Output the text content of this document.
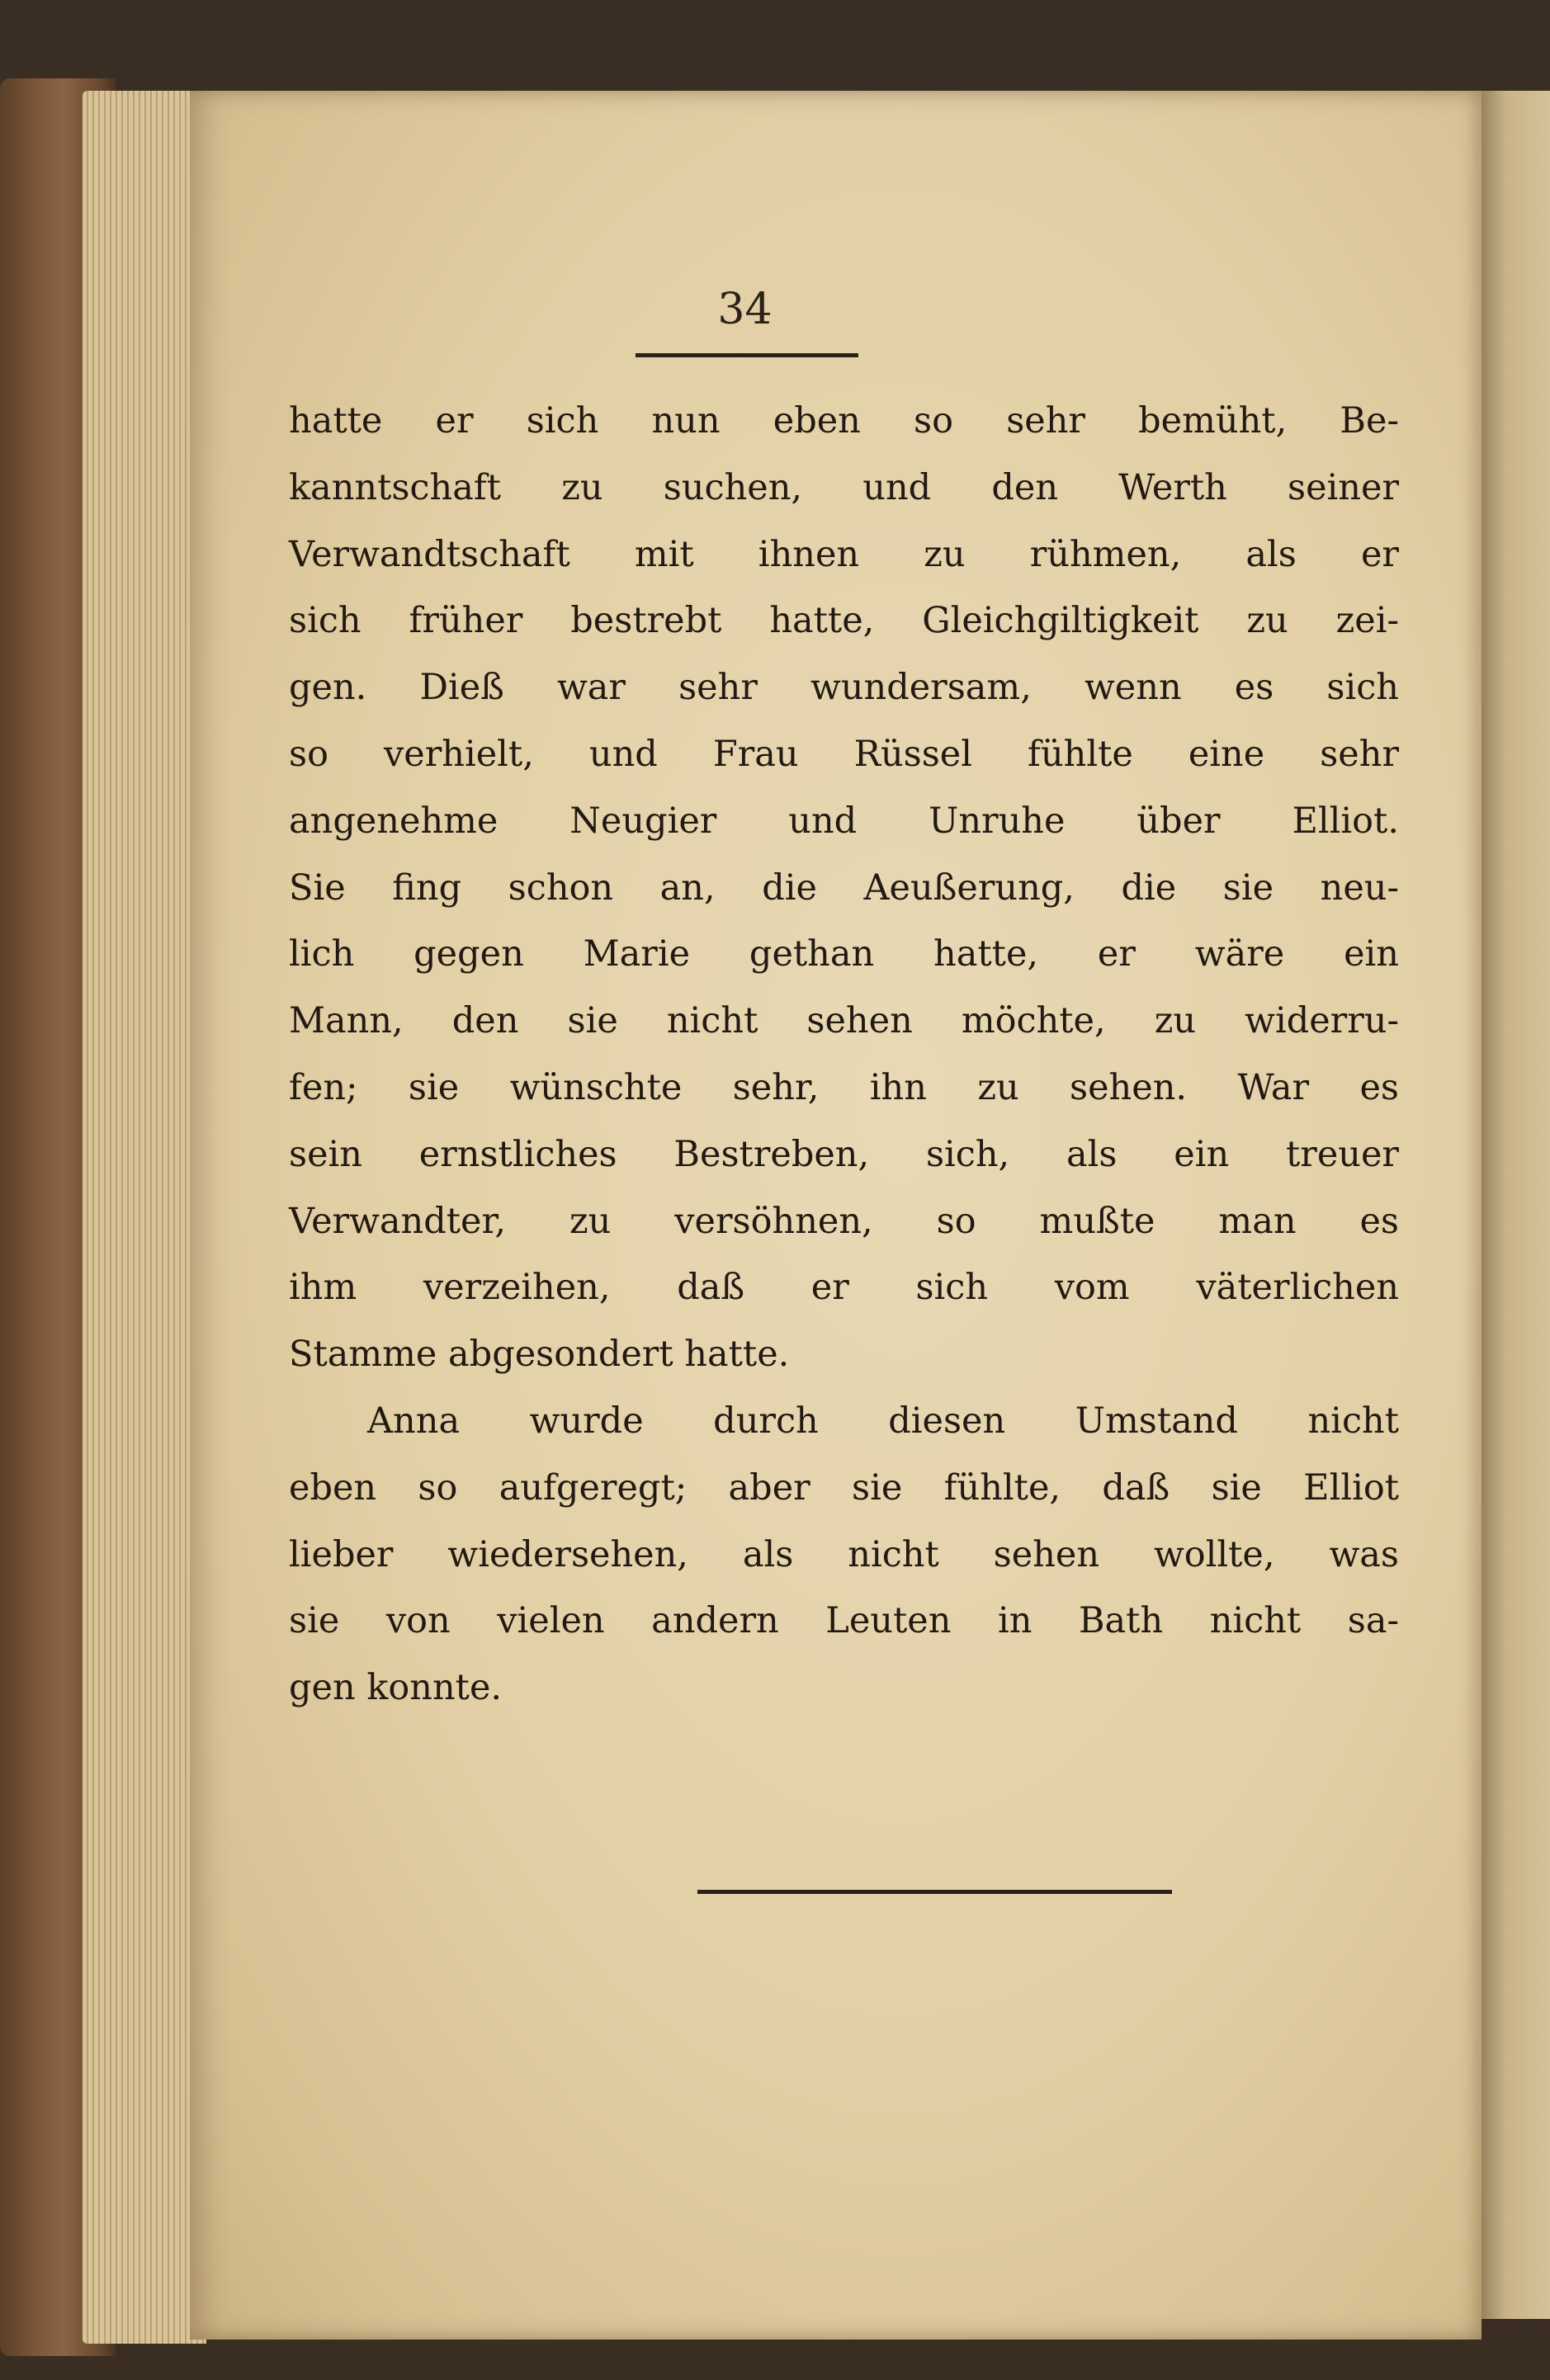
34
hatte er sich nun eben so sehr bemüht, Be-
kanntschaft zu suchen, und den Werth seiner
Verwandtschaft mit ihnen zu rühmen, als er
sich früher bestrebt hatte, Gleichgiltigkeit zu zei-
gen. Dieß war sehr wundersam, wenn es sich
so verhielt, und Frau Rüssel fühlte eine sehr
angenehme Neugier und Unruhe über Elliot.
Sie fing schon an, die Aeußerung, die sie neu-
lich gegen Marie gethan hatte, er wäre ein
Mann, den sie nicht sehen möchte, zu widerru-
fen; sie wünschte sehr, ihn zu sehen. War es
sein ernstliches Bestreben, sich, als ein treuer
Verwandter, zu versöhnen, so mußte man es
ihm verzeihen, daß er sich vom väterlichen
Stamme abgesondert hatte.
Anna wurde durch diesen Umstand nicht
eben so aufgeregt; aber sie fühlte, daß sie Elliot
lieber wiedersehen, als nicht sehen wollte, was
sie von vielen andern Leuten in Bath nicht sa-
gen konnte.
